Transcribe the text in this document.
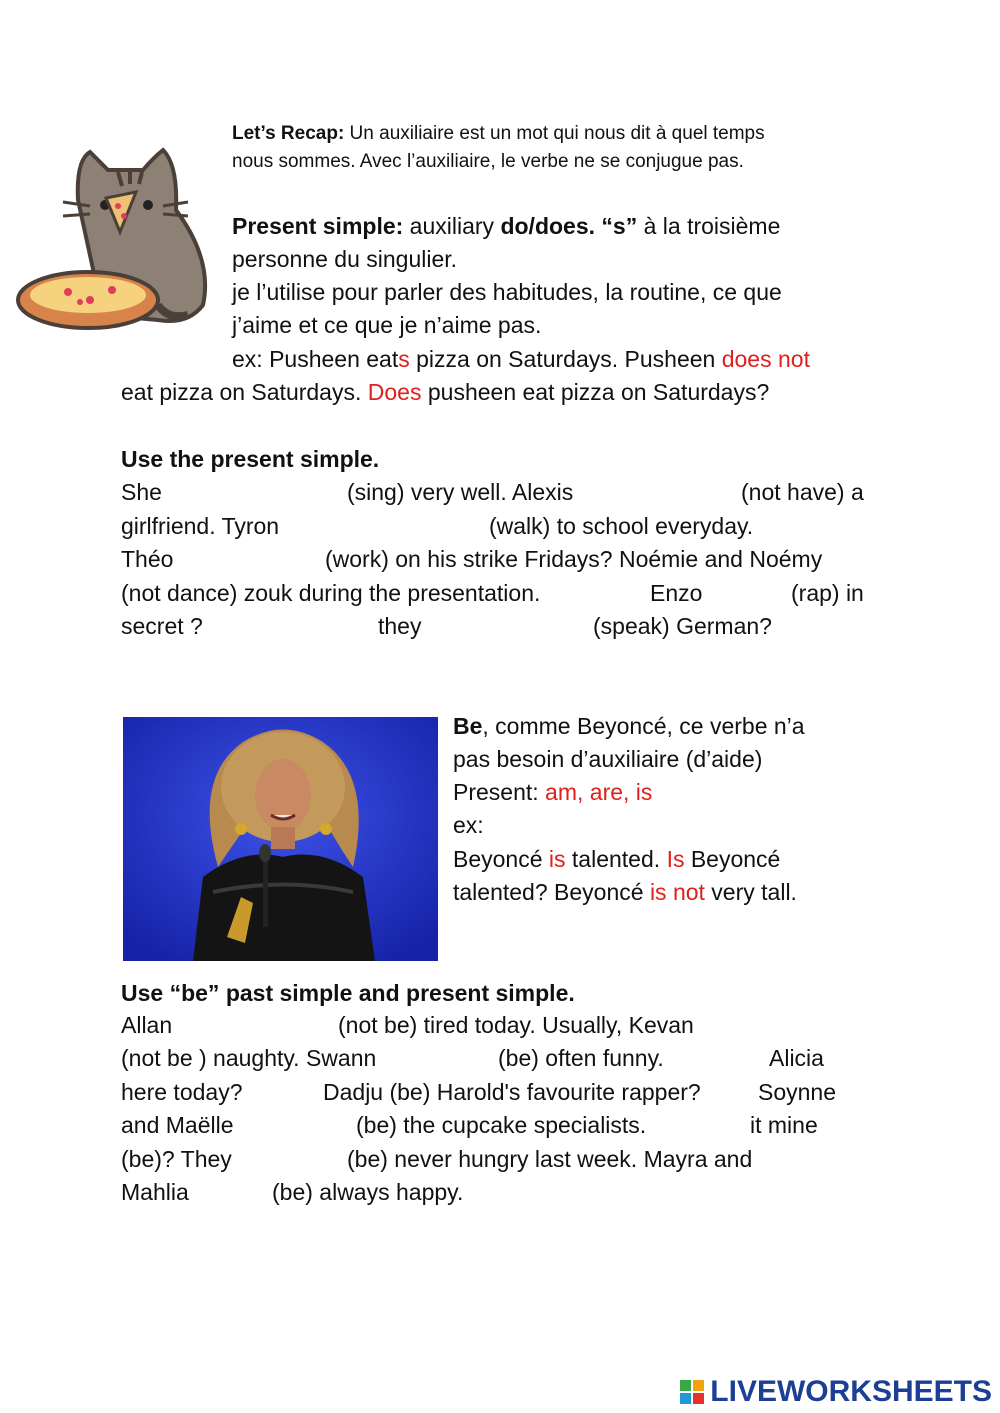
Let’s Recap: Un auxiliaire est un mot qui nous dit à quel temps
nous sommes. Avec l’auxiliaire, le verbe ne se conjugue pas.
Present simple: auxiliary do/does. “s” à la troisième
personne du singulier.
je l’utilise pour parler des habitudes, la routine, ce que
j’aime et ce que je n’aime pas.
ex: Pusheen eats pizza on Saturdays. Pusheen does not
eat pizza on Saturdays. Does pusheen eat pizza on Saturdays?
Use the present simple.
She	(sing) very well. Alexis	(not have) a
girlfriend. Tyron	(walk) to school everyday.
Théo	(work) on his strike Fridays? Noémie and Noémy
(not dance) zouk during the presentation.	Enzo	(rap) in
secret ?	they	(speak) German?
Be, comme Beyoncé, ce verbe n’a
pas besoin d’auxiliaire (d’aide)
Present: am, are, is
ex:
Beyoncé is talented. Is Beyoncé
talented? Beyoncé is not very tall.
Use “be” past simple and present simple.
Allan	(not be) tired today. Usually, Kevan
(not be ) naughty. Swann	(be) often funny.	Alicia
here today?	Dadju (be) Harold's favourite rapper? Soynne
and Maëlle	(be) the cupcake specialists.	it mine
(be)? They	(be) never hungry last week. Mayra and
Mahlia	(be) always happy.
LIVEWORKSHEETS
